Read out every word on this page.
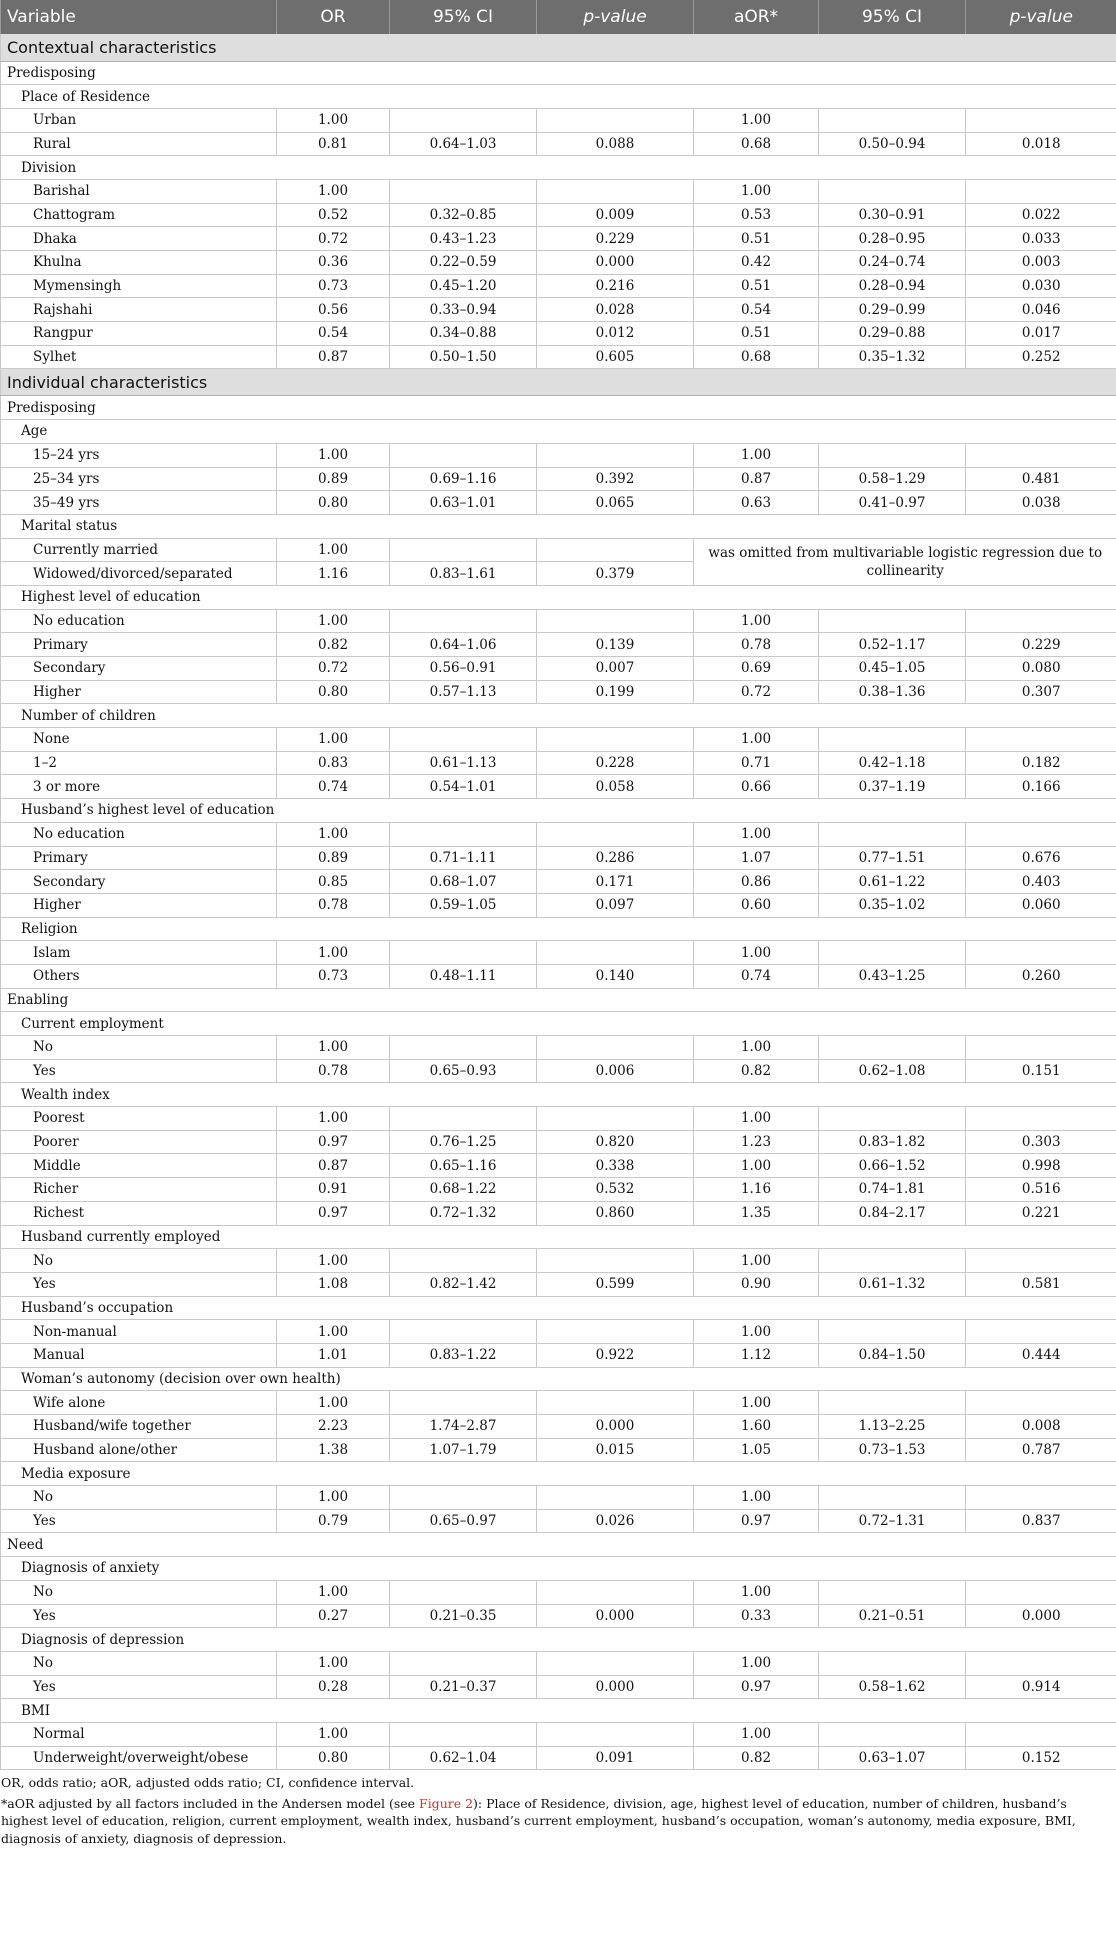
Variable	OR	95% CI	p-value	aOR*	95% CI	p-value
Contextual characteristics						
Predisposing						
Place of Residence						
Urban	1.00			1.00		
Rural	0.81	0.64–1.03	0.088	0.68	0.50–0.94	0.018
Division						
Barishal	1.00			1.00		
Chattogram	0.52	0.32–0.85	0.009	0.53	0.30–0.91	0.022
Dhaka	0.72	0.43–1.23	0.229	0.51	0.28–0.95	0.033
Khulna	0.36	0.22–0.59	0.000	0.42	0.24–0.74	0.003
Mymensingh	0.73	0.45–1.20	0.216	0.51	0.28–0.94	0.030
Rajshahi	0.56	0.33–0.94	0.028	0.54	0.29–0.99	0.046
Rangpur	0.54	0.34–0.88	0.012	0.51	0.29–0.88	0.017
Sylhet	0.87	0.50–1.50	0.605	0.68	0.35–1.32	0.252
Individual characteristics						
Predisposing						
Age						
15–24 yrs	1.00			1.00		
25–34 yrs	0.89	0.69–1.16	0.392	0.87	0.58–1.29	0.481
35–49 yrs	0.80	0.63–1.01	0.065	0.63	0.41–0.97	0.038
Marital status						
Currently married	1.00			was omitted from multivariable logistic regression due to collinearity		
Widowed/divorced/separated	1.16	0.83–1.61	0.379			
Highest level of education						
No education	1.00			1.00		
Primary	0.82	0.64–1.06	0.139	0.78	0.52–1.17	0.229
Secondary	0.72	0.56–0.91	0.007	0.69	0.45–1.05	0.080
Higher	0.80	0.57–1.13	0.199	0.72	0.38–1.36	0.307
Number of children						
None	1.00			1.00		
1–2	0.83	0.61–1.13	0.228	0.71	0.42–1.18	0.182
3 or more	0.74	0.54–1.01	0.058	0.66	0.37–1.19	0.166
Husband’s highest level of education						
No education	1.00			1.00		
Primary	0.89	0.71–1.11	0.286	1.07	0.77–1.51	0.676
Secondary	0.85	0.68–1.07	0.171	0.86	0.61–1.22	0.403
Higher	0.78	0.59–1.05	0.097	0.60	0.35–1.02	0.060
Religion						
Islam	1.00			1.00		
Others	0.73	0.48–1.11	0.140	0.74	0.43–1.25	0.260
Enabling						
Current employment						
No	1.00			1.00		
Yes	0.78	0.65–0.93	0.006	0.82	0.62–1.08	0.151
Wealth index						
Poorest	1.00			1.00		
Poorer	0.97	0.76–1.25	0.820	1.23	0.83–1.82	0.303
Middle	0.87	0.65–1.16	0.338	1.00	0.66–1.52	0.998
Richer	0.91	0.68–1.22	0.532	1.16	0.74–1.81	0.516
Richest	0.97	0.72–1.32	0.860	1.35	0.84–2.17	0.221
Husband currently employed						
No	1.00			1.00		
Yes	1.08	0.82–1.42	0.599	0.90	0.61–1.32	0.581
Husband’s occupation						
Non-manual	1.00			1.00		
Manual	1.01	0.83–1.22	0.922	1.12	0.84–1.50	0.444
Woman’s autonomy (decision over own health)						
Wife alone	1.00			1.00		
Husband/wife together	2.23	1.74–2.87	0.000	1.60	1.13–2.25	0.008
Husband alone/other	1.38	1.07–1.79	0.015	1.05	0.73–1.53	0.787
Media exposure						
No	1.00			1.00		
Yes	0.79	0.65–0.97	0.026	0.97	0.72–1.31	0.837
Need						
Diagnosis of anxiety						
No	1.00			1.00		
Yes	0.27	0.21–0.35	0.000	0.33	0.21–0.51	0.000
Diagnosis of depression						
No	1.00			1.00		
Yes	0.28	0.21–0.37	0.000	0.97	0.58–1.62	0.914
BMI						
Normal	1.00			1.00		
Underweight/overweight/obese	0.80	0.62–1.04	0.091	0.82	0.63–1.07	0.152

OR, odds ratio; aOR, adjusted odds ratio; CI, confidence interval.

*aOR adjusted by all factors included in the Andersen model (see Figure 2): Place of Residence, division, age, highest level of education, number of children, husband’s highest level of education, religion, current employment, wealth index, husband’s current employment, husband’s occupation, woman’s autonomy, media exposure, BMI, diagnosis of anxiety, diagnosis of depression.
